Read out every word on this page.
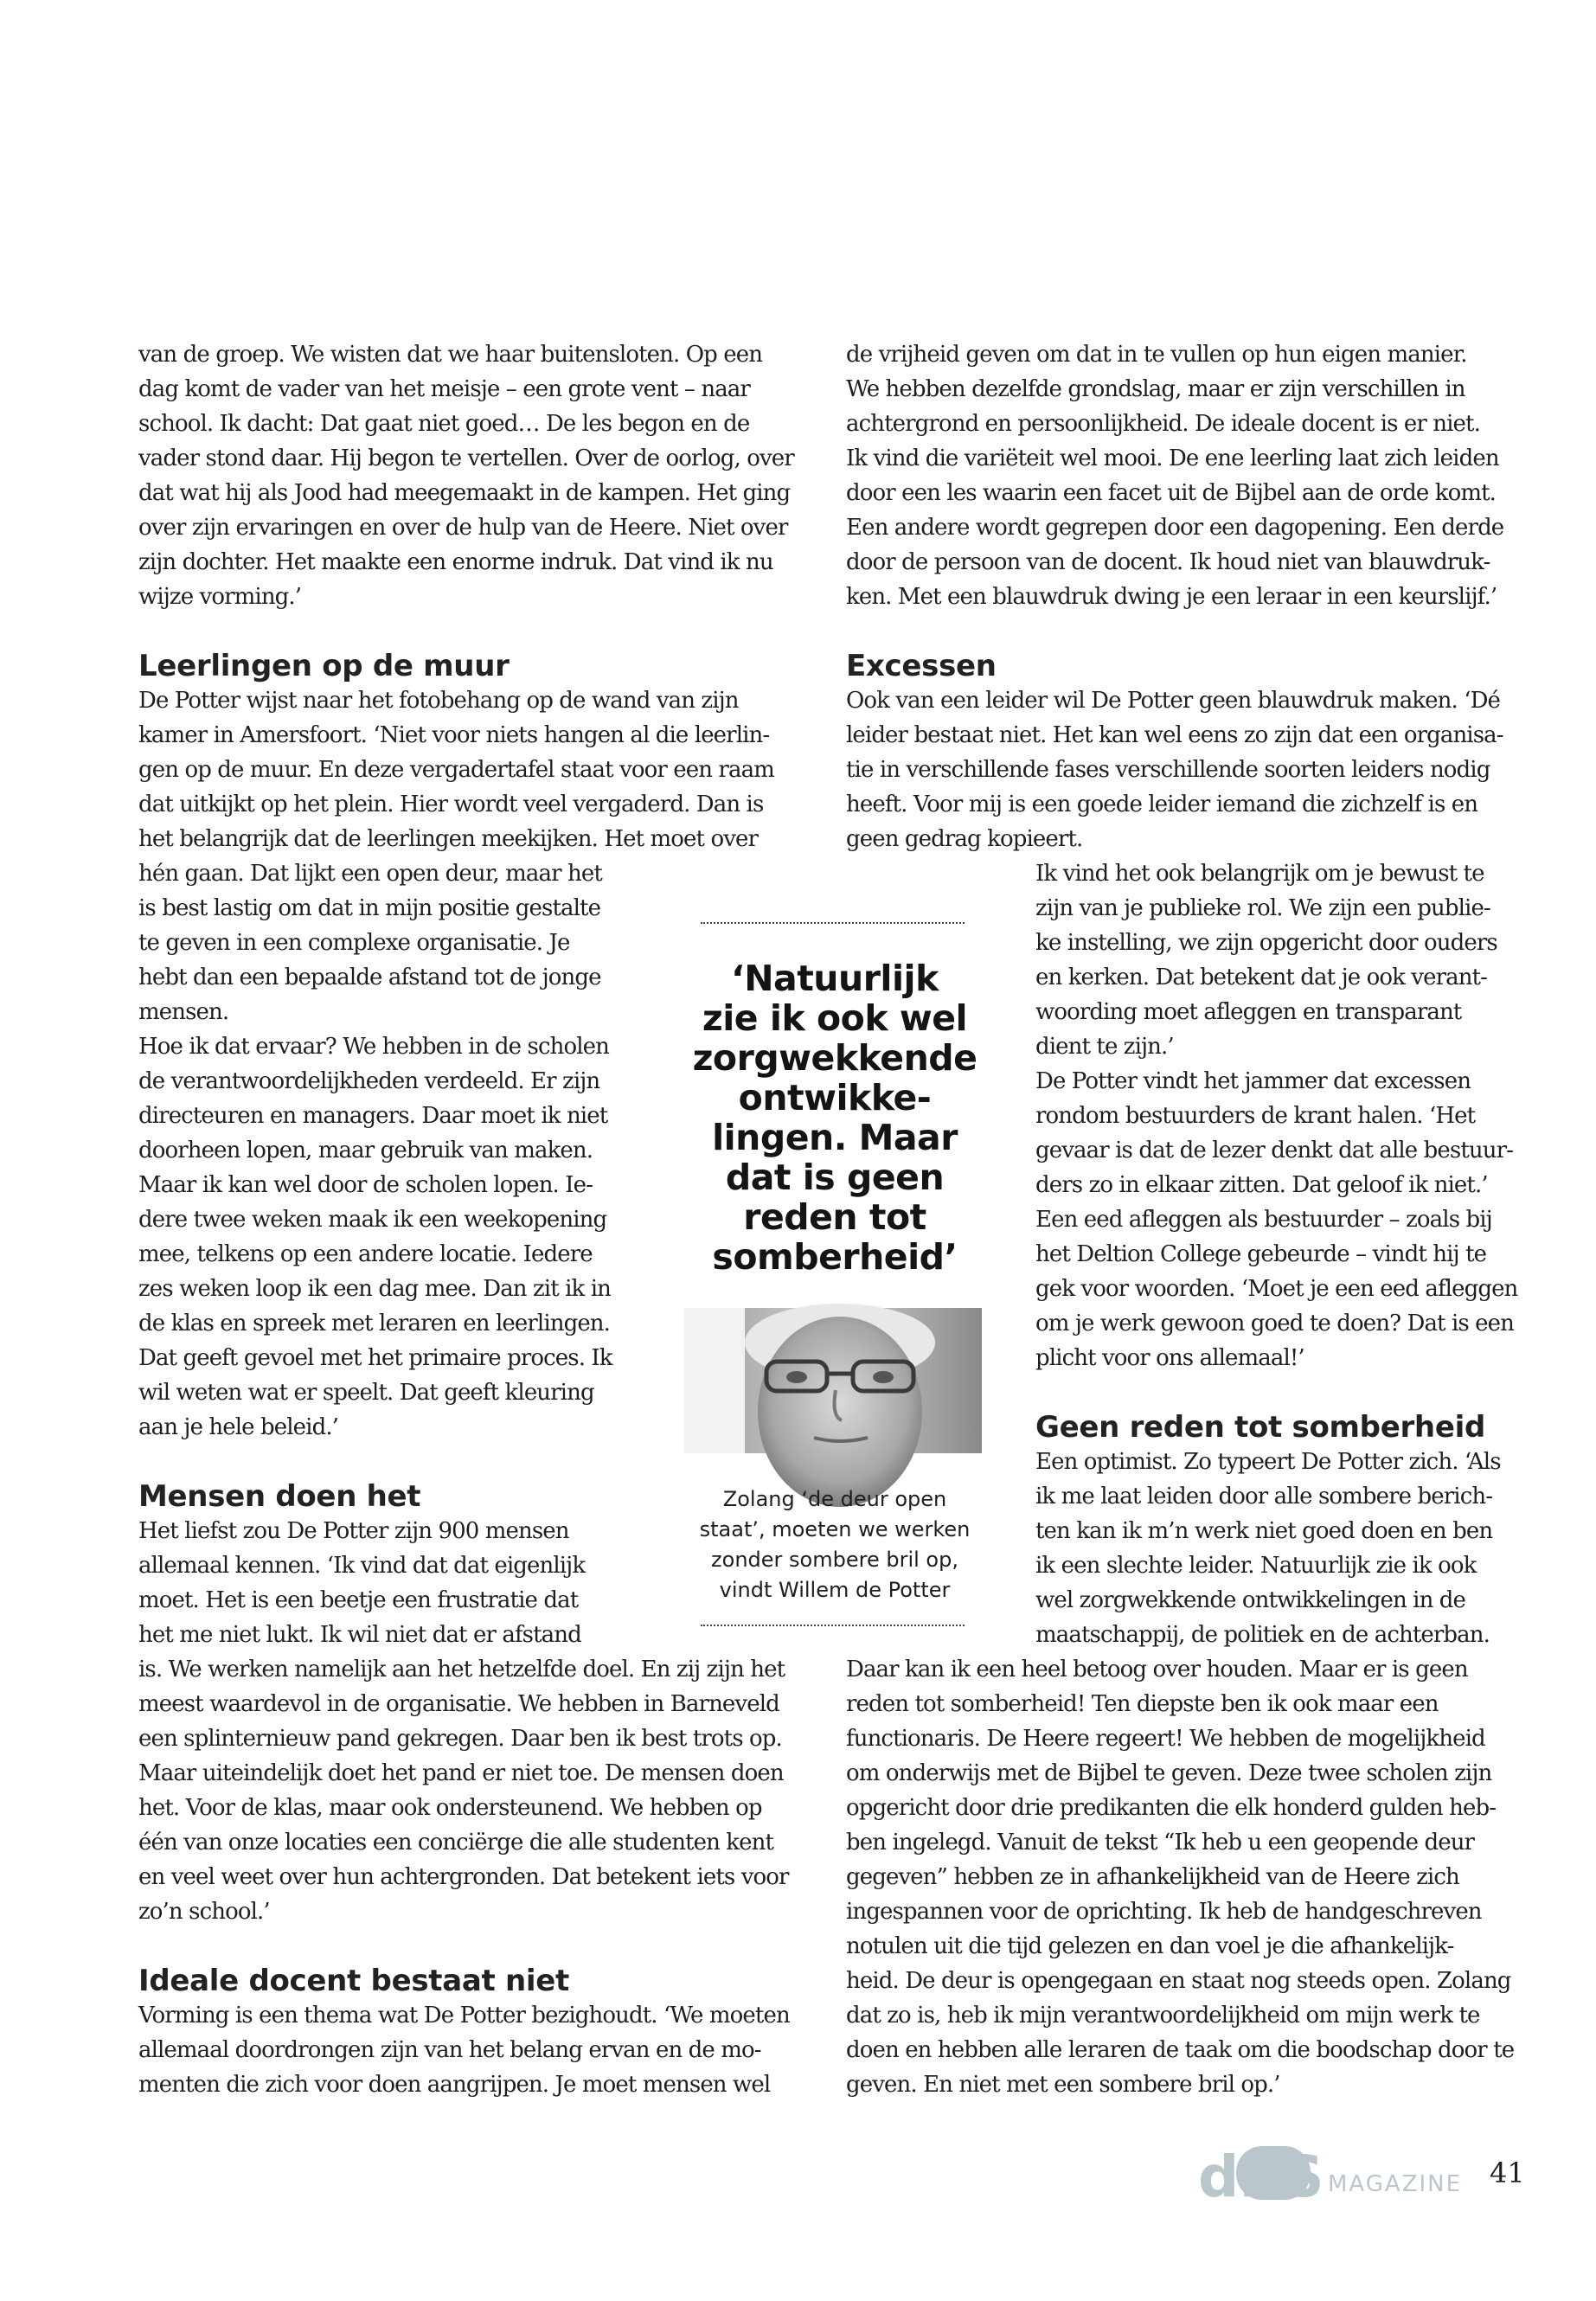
van de groep. We wisten dat we haar buitensloten. Op een
dag komt de vader van het meisje – een grote vent – naar
school. Ik dacht: Dat gaat niet goed… De les begon en de
vader stond daar. Hij begon te vertellen. Over de oorlog, over
dat wat hij als Jood had meegemaakt in de kampen. Het ging
over zijn ervaringen en over de hulp van de Heere. Niet over
zijn dochter. Het maakte een enorme indruk. Dat vind ik nu
wijze vorming.’
Leerlingen op de muur
De Potter wijst naar het fotobehang op de wand van zijn
kamer in Amersfoort. ‘Niet voor niets hangen al die leerlin-
gen op de muur. En deze vergadertafel staat voor een raam
dat uitkijkt op het plein. Hier wordt veel vergaderd. Dan is
het belangrijk dat de leerlingen meekijken. Het moet over
hén gaan. Dat lijkt een open deur, maar het
is best lastig om dat in mijn positie gestalte
te geven in een complexe organisatie. Je
hebt dan een bepaalde afstand tot de jonge
mensen.
Hoe ik dat ervaar? We hebben in de scholen
de verantwoordelijkheden verdeeld. Er zijn
directeuren en managers. Daar moet ik niet
doorheen lopen, maar gebruik van maken.
Maar ik kan wel door de scholen lopen. Ie-
dere twee weken maak ik een weekopening
mee, telkens op een andere locatie. Iedere
zes weken loop ik een dag mee. Dan zit ik in
de klas en spreek met leraren en leerlingen.
Dat geeft gevoel met het primaire proces. Ik
wil weten wat er speelt. Dat geeft kleuring
aan je hele beleid.’
Mensen doen het
Het liefst zou De Potter zijn 900 mensen
allemaal kennen. ‘Ik vind dat dat eigenlijk
moet. Het is een beetje een frustratie dat
het me niet lukt. Ik wil niet dat er afstand
is. We werken namelijk aan het hetzelfde doel. En zij zijn het
meest waardevol in de organisatie. We hebben in Barneveld
een splinternieuw pand gekregen. Daar ben ik best trots op.
Maar uiteindelijk doet het pand er niet toe. De mensen doen
het. Voor de klas, maar ook ondersteunend. We hebben op
één van onze locaties een conciërge die alle studenten kent
en veel weet over hun achtergronden. Dat betekent iets voor
zo’n school.’
Ideale docent bestaat niet
Vorming is een thema wat De Potter bezighoudt. ‘We moeten
allemaal doordrongen zijn van het belang ervan en de mo-
menten die zich voor doen aangrijpen. Je moet mensen wel
de vrijheid geven om dat in te vullen op hun eigen manier.
We hebben dezelfde grondslag, maar er zijn verschillen in
achtergrond en persoonlijkheid. De ideale docent is er niet.
Ik vind die variëteit wel mooi. De ene leerling laat zich leiden
door een les waarin een facet uit de Bijbel aan de orde komt.
Een andere wordt gegrepen door een dagopening. Een derde
door de persoon van de docent. Ik houd niet van blauwdruk-
ken. Met een blauwdruk dwing je een leraar in een keurslijf.’
Excessen
Ook van een leider wil De Potter geen blauwdruk maken. ‘Dé
leider bestaat niet. Het kan wel eens zo zijn dat een organisa-
tie in verschillende fases verschillende soorten leiders nodig
heeft. Voor mij is een goede leider iemand die zichzelf is en
geen gedrag kopieert.
Ik vind het ook belangrijk om je bewust te
zijn van je publieke rol. We zijn een publie-
ke instelling, we zijn opgericht door ouders
en kerken. Dat betekent dat je ook verant-
woording moet afleggen en transparant
dient te zijn.’
De Potter vindt het jammer dat excessen
rondom bestuurders de krant halen. ‘Het
gevaar is dat de lezer denkt dat alle bestuur-
ders zo in elkaar zitten. Dat geloof ik niet.’
Een eed afleggen als bestuurder – zoals bij
het Deltion College gebeurde – vindt hij te
gek voor woorden. ‘Moet je een eed afleggen
om je werk gewoon goed te doen? Dat is een
plicht voor ons allemaal!’
Geen reden tot somberheid
Een optimist. Zo typeert De Potter zich. ‘Als
ik me laat leiden door alle sombere berich-
ten kan ik m’n werk niet goed doen en ben
ik een slechte leider. Natuurlijk zie ik ook
wel zorgwekkende ontwikkelingen in de
maatschappij, de politiek en de achterban.
Daar kan ik een heel betoog over houden. Maar er is geen
reden tot somberheid! Ten diepste ben ik ook maar een
functionaris. De Heere regeert! We hebben de mogelijkheid
om onderwijs met de Bijbel te geven. Deze twee scholen zijn
opgericht door drie predikanten die elk honderd gulden heb-
ben ingelegd. Vanuit de tekst “Ik heb u een geopende deur
gegeven” hebben ze in afhankelijkheid van de Heere zich
ingespannen voor de oprichting. Ik heb de handgeschreven
notulen uit die tijd gelezen en dan voel je die afhankelijk-
heid. De deur is opengegaan en staat nog steeds open. Zolang
dat zo is, heb ik mijn verantwoordelijkheid om mijn werk te
doen en hebben alle leraren de taak om die boodschap door te
geven. En niet met een sombere bril op.’
‘Natuurlijk
zie ik ook wel
zorgwekkende
ontwikke-
lingen. Maar
dat is geen
reden tot
somberheid’
Zolang ‘de deur open
staat’, moeten we werken
zonder sombere bril op,
vindt Willem de Potter
dRS MAGAZINE 41
